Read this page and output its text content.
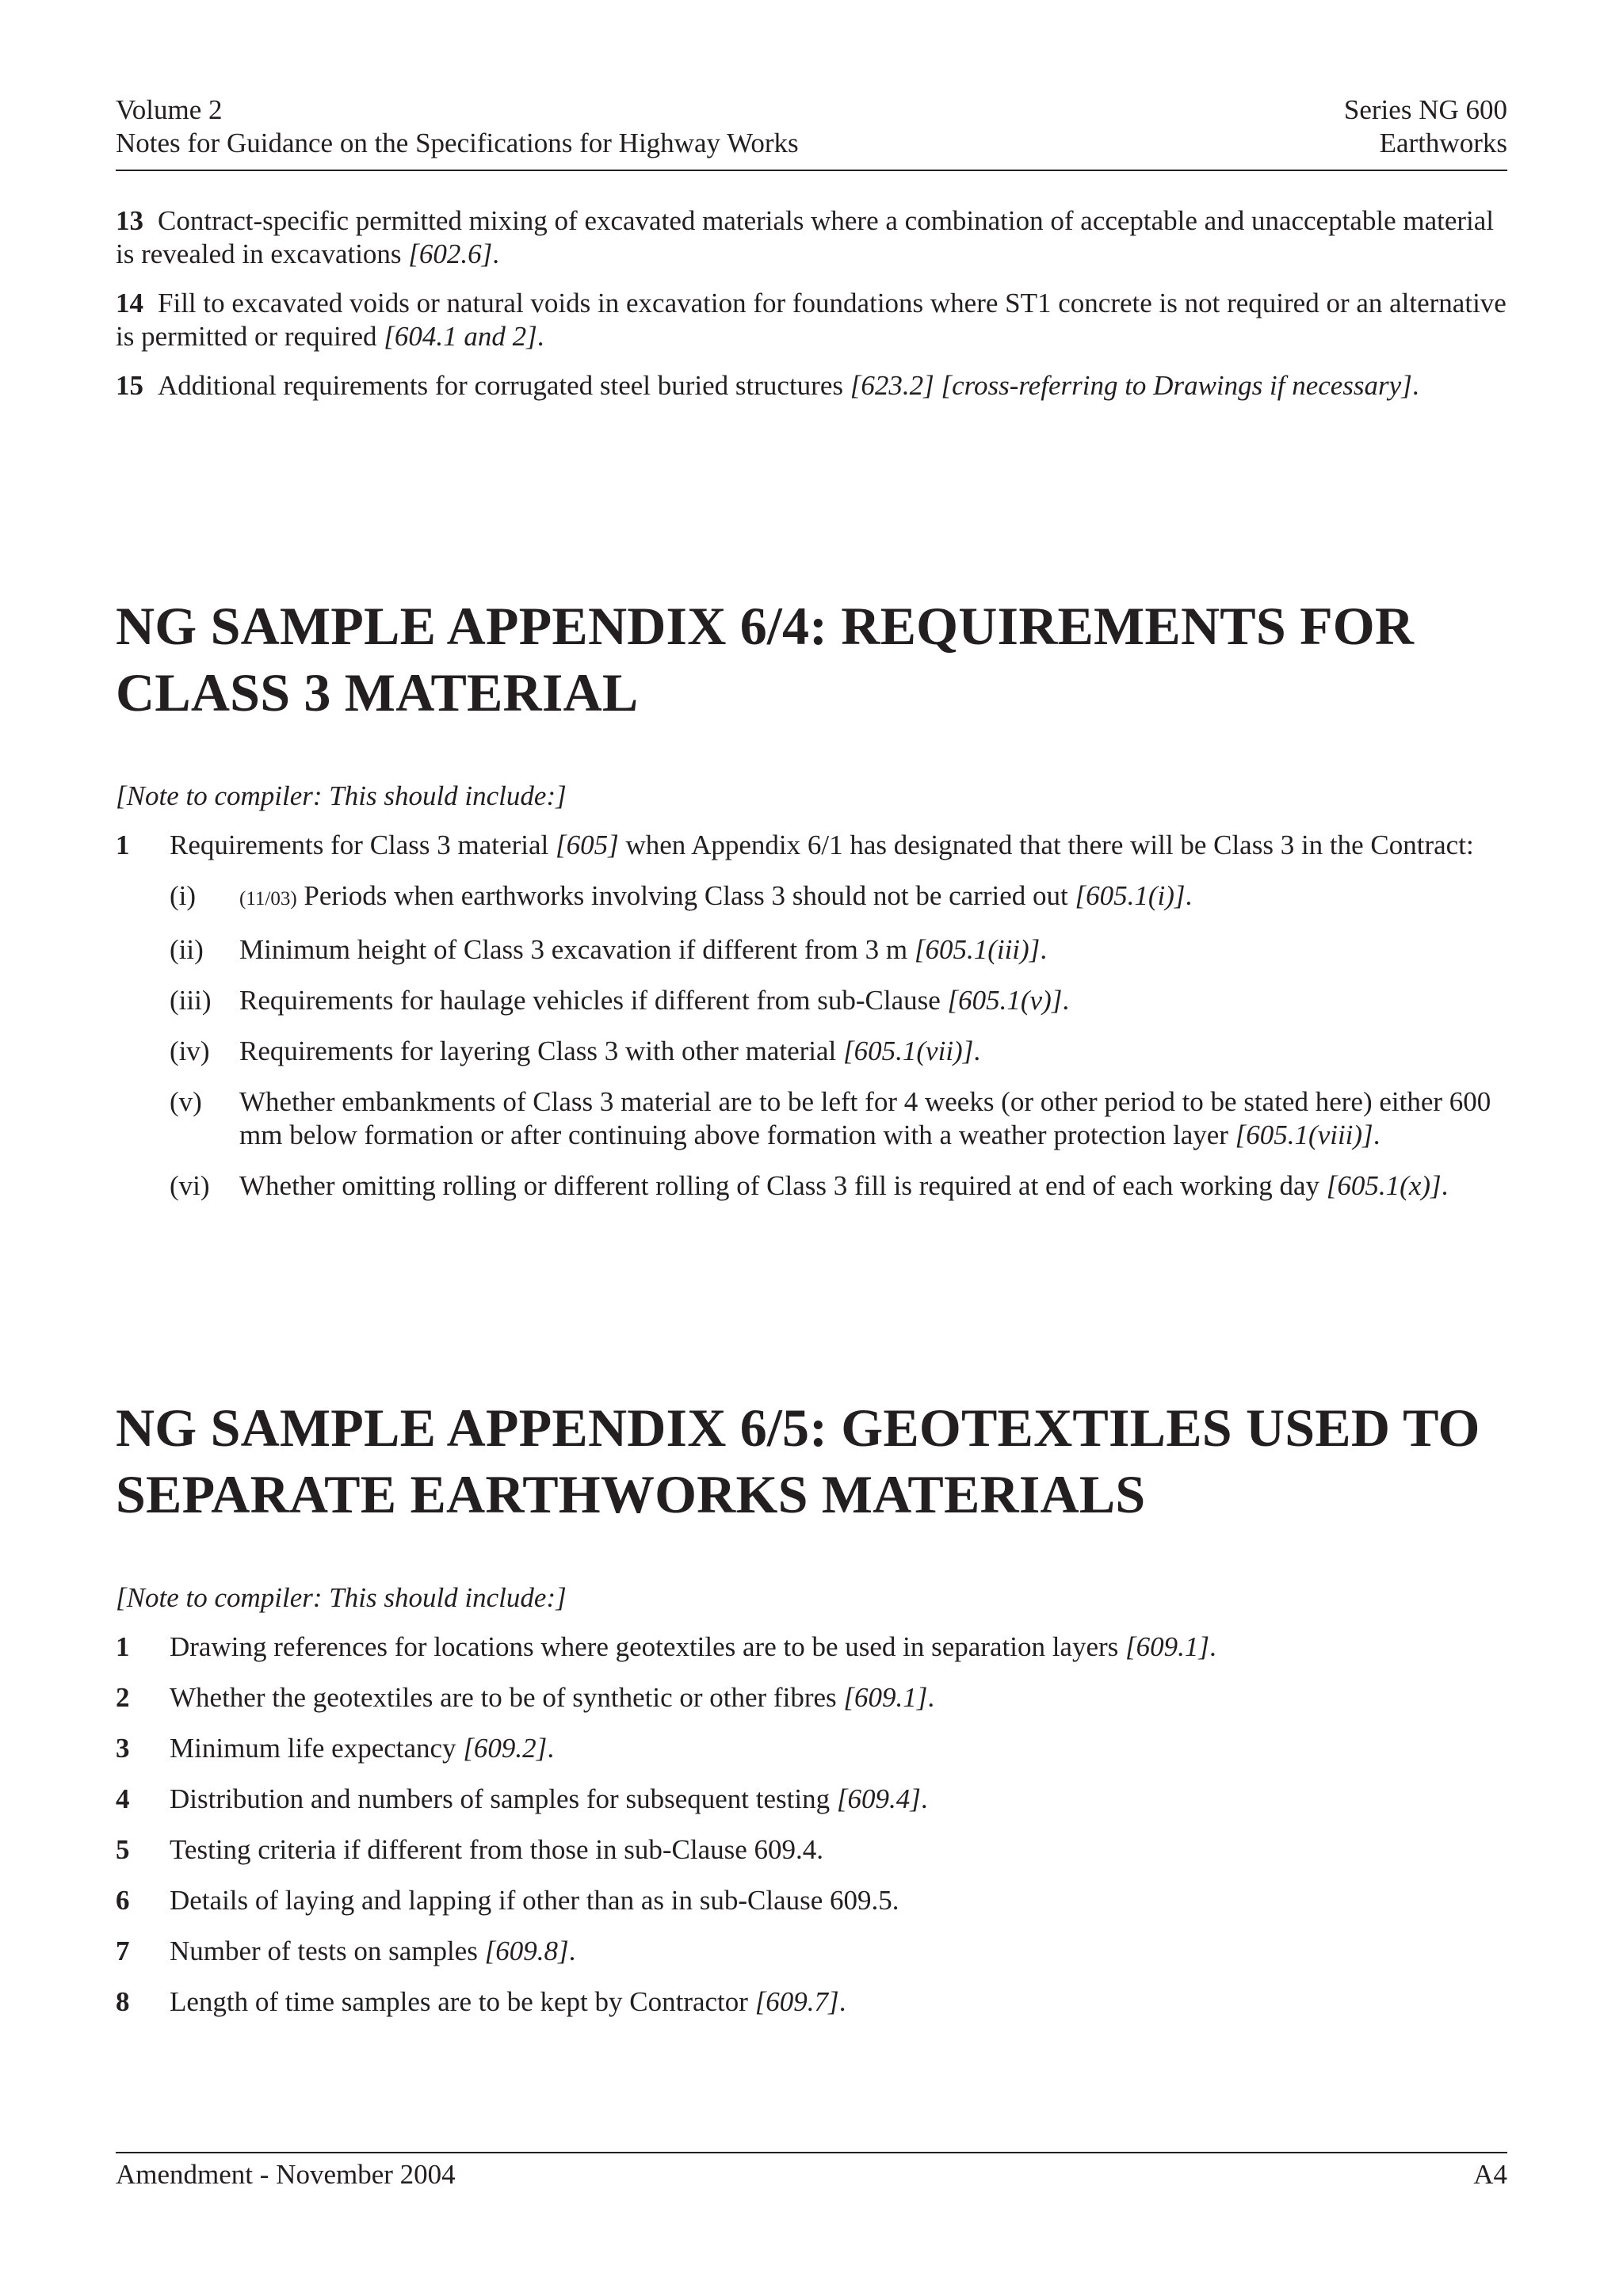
Volume 2	Series NG 600
Notes for Guidance on the Specifications for Highway Works	Earthworks

13 Contract-specific permitted mixing of excavated materials where a combination of acceptable and unacceptable material is revealed in excavations [602.6].

14 Fill to excavated voids or natural voids in excavation for foundations where ST1 concrete is not required or an alternative is permitted or required [604.1 and 2].

15 Additional requirements for corrugated steel buried structures [623.2] [cross-referring to Drawings if necessary].

NG SAMPLE APPENDIX 6/4: REQUIREMENTS FOR
CLASS 3 MATERIAL

[Note to compiler: This should include:]

1 Requirements for Class 3 material [605] when Appendix 6/1 has designated that there will be Class 3 in the Contract:

(i)	(11/03) Periods when earthworks involving Class 3 should not be carried out [605.1(i)].
(ii)	Minimum height of Class 3 excavation if different from 3 m [605.1(iii)].
(iii)	Requirements for haulage vehicles if different from sub-Clause [605.1(v)].
(iv)	Requirements for layering Class 3 with other material [605.1(vii)].
(v)	Whether embankments of Class 3 material are to be left for 4 weeks (or other period to be stated here) either 600 mm below formation or after continuing above formation with a weather protection layer [605.1(viii)].
(vi)	Whether omitting rolling or different rolling of Class 3 fill is required at end of each working day [605.1(x)].
NG SAMPLE APPENDIX 6/5: GEOTEXTILES USED TO
SEPARATE EARTHWORKS MATERIALS

[Note to compiler: This should include:]

1 Drawing references for locations where geotextiles are to be used in separation layers [609.1].

2 Whether the geotextiles are to be of synthetic or other fibres [609.1].

3 Minimum life expectancy [609.2].

4 Distribution and numbers of samples for subsequent testing [609.4].

5 Testing criteria if different from those in sub-Clause 609.4.

6 Details of laying and lapping if other than as in sub-Clause 609.5.

7 Number of tests on samples [609.8].

8 Length of time samples are to be kept by Contractor [609.7].

Amendment - November 2004	A4
